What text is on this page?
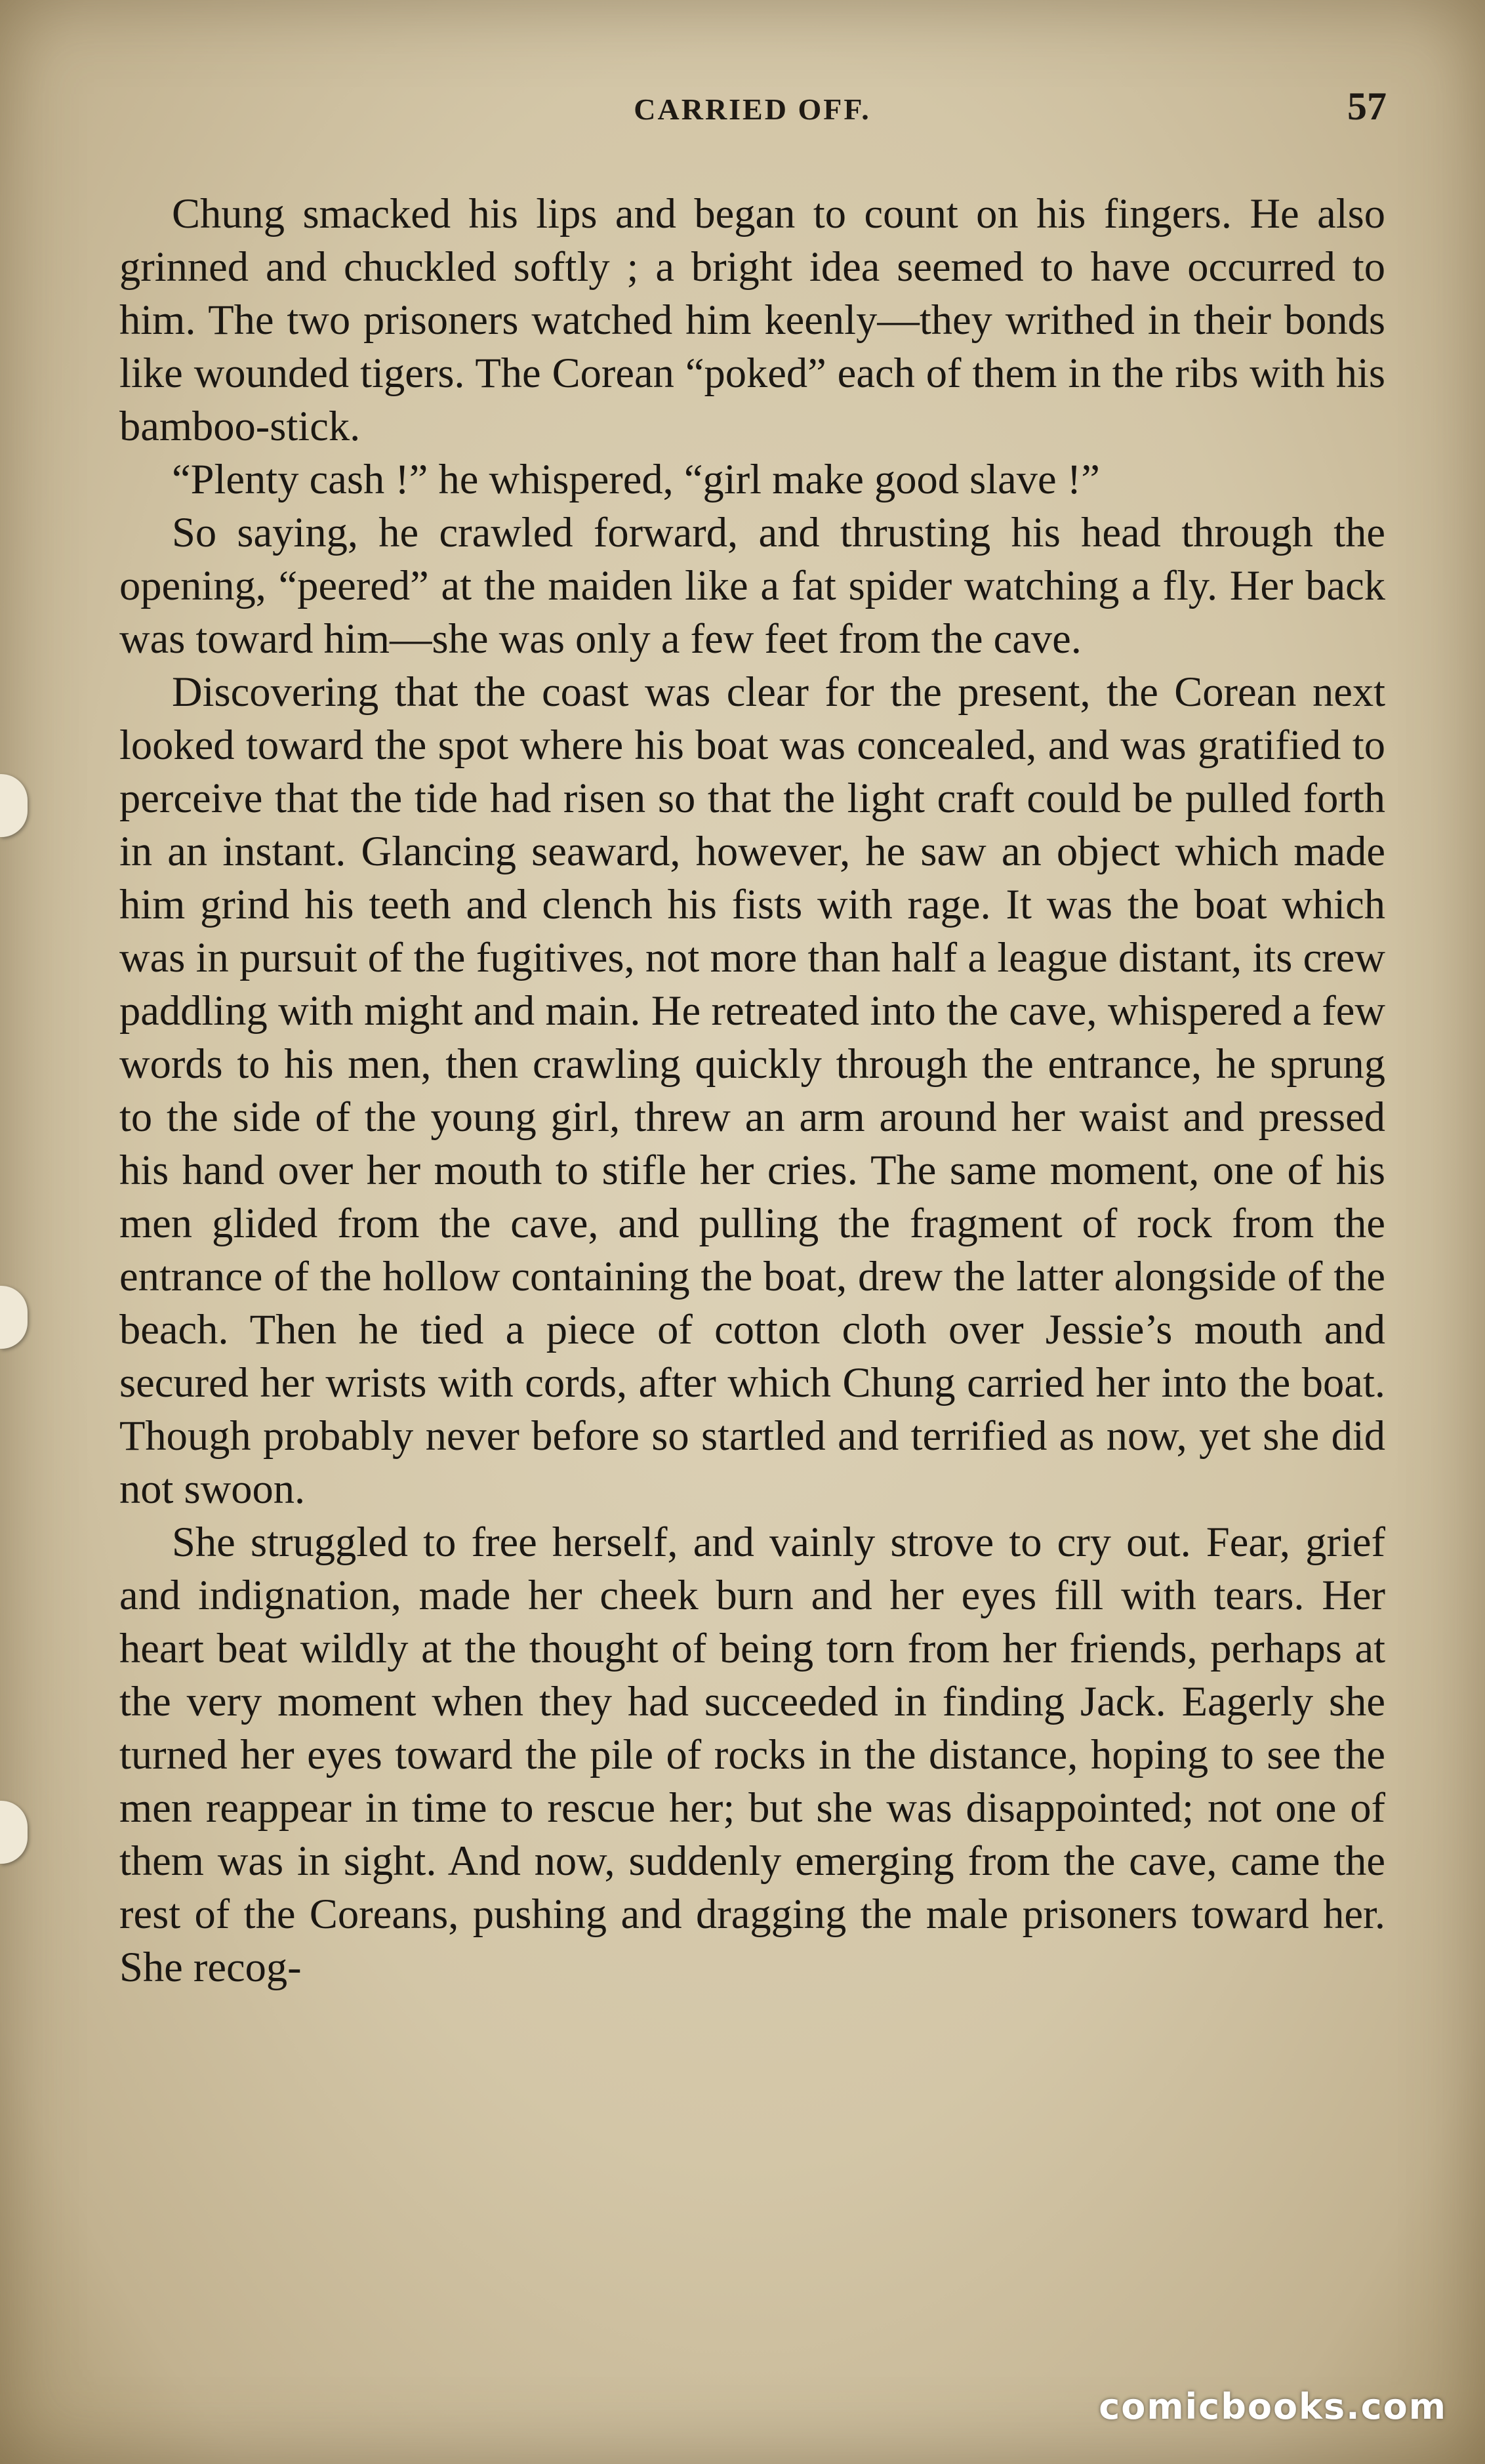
CARRIED OFF.	57

Chung smacked his lips and began to count on his fingers. He also grinned and chuckled softly ; a bright idea seemed to have occurred to him. The two prisoners watched him keenly—they writhed in their bonds like wounded tigers. The Corean “poked” each of them in the ribs with his bamboo-stick.

“Plenty cash !” he whispered, “girl make good slave !”

So saying, he crawled forward, and thrusting his head through the opening, “peered” at the maiden like a fat spider watching a fly. Her back was toward him—she was only a few feet from the cave.

Discovering that the coast was clear for the present, the Corean next looked toward the spot where his boat was concealed, and was gratified to perceive that the tide had risen so that the light craft could be pulled forth in an instant. Glancing seaward, however, he saw an object which made him grind his teeth and clench his fists with rage. It was the boat which was in pursuit of the fugitives, not more than half a league distant, its crew paddling with might and main. He retreated into the cave, whispered a few words to his men, then crawling quickly through the entrance, he sprung to the side of the young girl, threw an arm around her waist and pressed his hand over her mouth to stifle her cries. The same moment, one of his men glided from the cave, and pulling the fragment of rock from the entrance of the hollow containing the boat, drew the latter alongside of the beach. Then he tied a piece of cotton cloth over Jessie’s mouth and secured her wrists with cords, after which Chung carried her into the boat. Though probably never before so startled and terrified as now, yet she did not swoon.

She struggled to free herself, and vainly strove to cry out. Fear, grief and indignation, made her cheek burn and her eyes fill with tears. Her heart beat wildly at the thought of being torn from her friends, perhaps at the very moment when they had succeeded in finding Jack. Eagerly she turned her eyes toward the pile of rocks in the distance, hoping to see the men reappear in time to rescue her; but she was disappointed; not one of them was in sight. And now, suddenly emerging from the cave, came the rest of the Coreans, pushing and dragging the male prisoners toward her. She recog-

comicbooks.com
